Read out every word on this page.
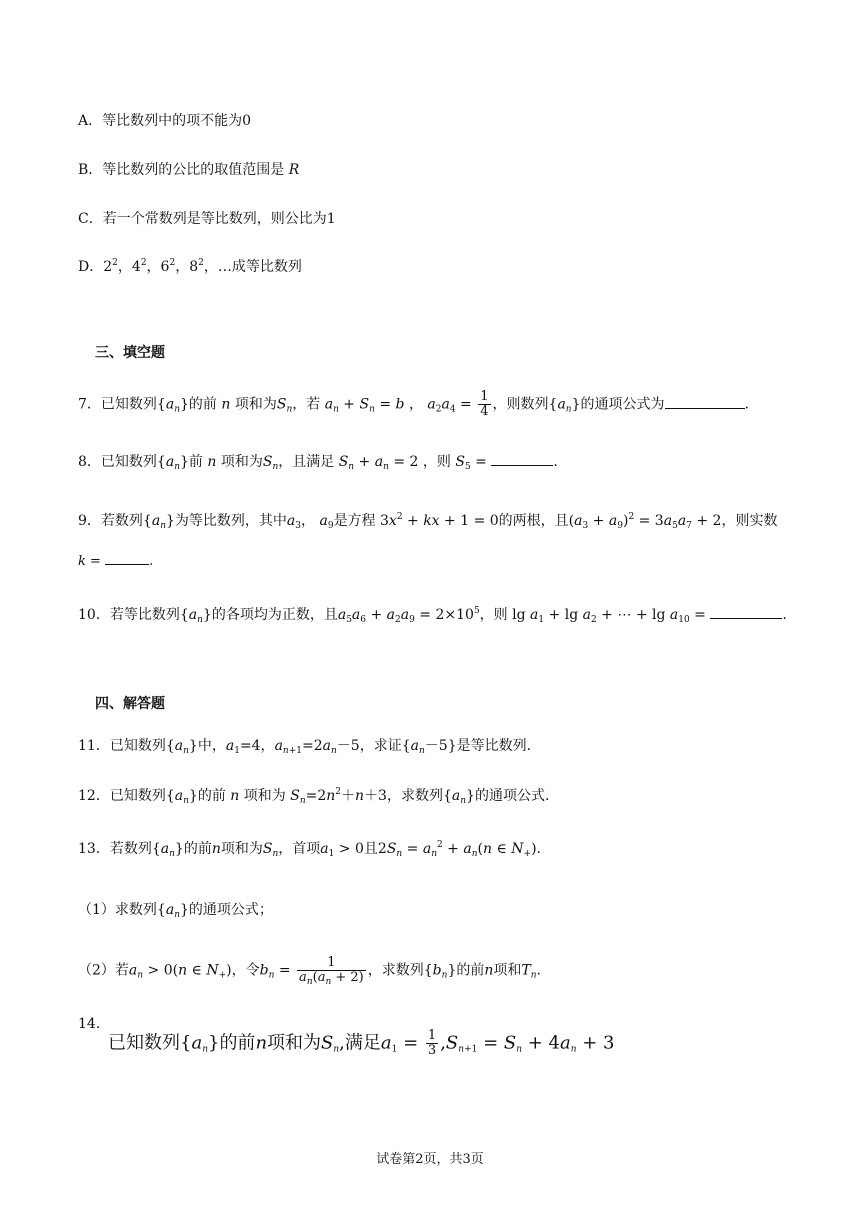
A．等比数列中的项不能为0
B．等比数列的公比的取值范围是 R
C．若一个常数列是等比数列，则公比为1
D．$2^2$，$4^2$，$6^2$，$8^2$，…成等比数列
三、填空题
7．已知数列$\{a_n\}$的前 n 项和为$S_n$，若 $a_n + S_n = b$ ， $a_2a_4 = \frac{1}{4}$ ，则数列$\{a_n\}$的通项公式为	.
8．已知数列$\{a_n\}$前 n 项和为$S_n$，且满足 $S_n + a_n = 2$ ，则 $S_5$ =	.
9．若数列$\{a_n\}$为等比数列，其中$a_3$， $a_9$是方程 $3x^2$ + kx + 1 = 0的两根，且$(a_3 + a_9)^2 = 3a_5a_7 + 2$，则实数
k =	.
10．若等比数列$\{a_n\}$的各项均为正数，且$a_5a_6 + a_2a_9 = 2\times 10^5$，则 $\lg a_1 + \lg a_2$ + ⋯ + $\lg a_{10}$ =	.
四、解答题
11．已知数列$\{a_n\}$中，$a_1=4$，$a_{n+1}=2a_n-5$，求证$\{a_n-5\}$是等比数列.
12．已知数列$\{a_n\}$的前 n 项和为 $S_n=2n^2+n+3$，求数列$\{a_n\}$的通项公式.
13．若数列$\{a_n\}$的前n项和为$S_n$，首项$a_1 > 0$且$2S_n = a_n^2 + a_n(n$ ∈ $N_+$).
（1）求数列$\{a_n\}$的通项公式；
（2）若$a_n > 0(n$ ∈ $N_+$)，令$b_n = \frac{1}{a_n(a_n + 2)}$ ，求数列$\{b_n\}$的前n项和$T_n$.
14．
已知数列$\{a_n\}$的前n项和为$S_n$,满足$a_1 = \frac{1}{3} ,S_{n+1} = S_n + 4a_n + 3$
试卷第2页，共3页
